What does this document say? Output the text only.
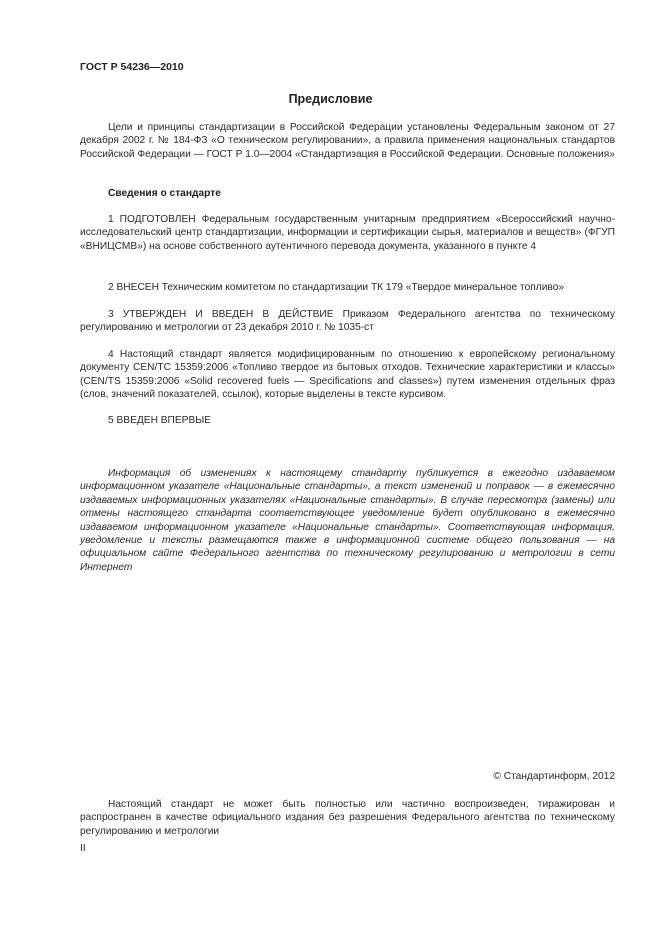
ГОСТ Р 54236—2010
Предисловие

Цели и принципы стандартизации в Российской Федерации установлены Федеральным законом от 27 декабря 2002 г. № 184-ФЗ «О техническом регулировании», а правила применения национальных стандартов Российской Федерации — ГОСТ Р 1.0—2004 «Стандартизация в Российской Федерации. Основные положения»

Сведения о стандарте

1 ПОДГОТОВЛЕН Федеральным государственным унитарным предприятием «Всероссийский научно-исследовательский центр стандартизации, информации и сертификации сырья, материалов и веществ» (ФГУП «ВНИЦСМВ») на основе собственного аутентичного перевода документа, указанного в пункте 4

2 ВНЕСЕН Техническим комитетом по стандартизации ТК 179 «Твердое минеральное топливо»

3 УТВЕРЖДЕН И ВВЕДЕН В ДЕЙСТВИЕ Приказом Федерального агентства по техническому регулированию и метрологии от 23 декабря 2010 г. № 1035-ст

4 Настоящий стандарт является модифицированным по отношению к европейскому региональному документу CEN/TC 15359:2006 «Топливо твердое из бытовых отходов. Технические характеристики и классы» (CEN/TS 15359:2006 «Solid recovered fuels — Specifications and classes») путем изменения отдельных фраз (слов, значений показателей, ссылок), которые выделены в тексте курсивом.

5 ВВЕДЕН ВПЕРВЫЕ

Информация об изменениях к настоящему стандарту публикуется в ежегодно издаваемом информационном указателе «Национальные стандарты», а текст изменений и поправок — в ежемесячно издаваемых информационных указателях «Национальные стандарты». В случае пересмотра (замены) или отмены настоящего стандарта соответствующее уведомление будет опубликовано в ежемесячно издаваемом информационном указателе «Национальные стандарты». Соответствующая информация, уведомление и тексты размещаются также в информационной системе общего пользования — на официальном сайте Федерального агентства по техническому регулированию и метрологии в сети Интернет

© Стандартинформ, 2012

Настоящий стандарт не может быть полностью или частично воспроизведен, тиражирован и распространен в качестве официального издания без разрешения Федерального агентства по техническому регулированию и метрологии

II
